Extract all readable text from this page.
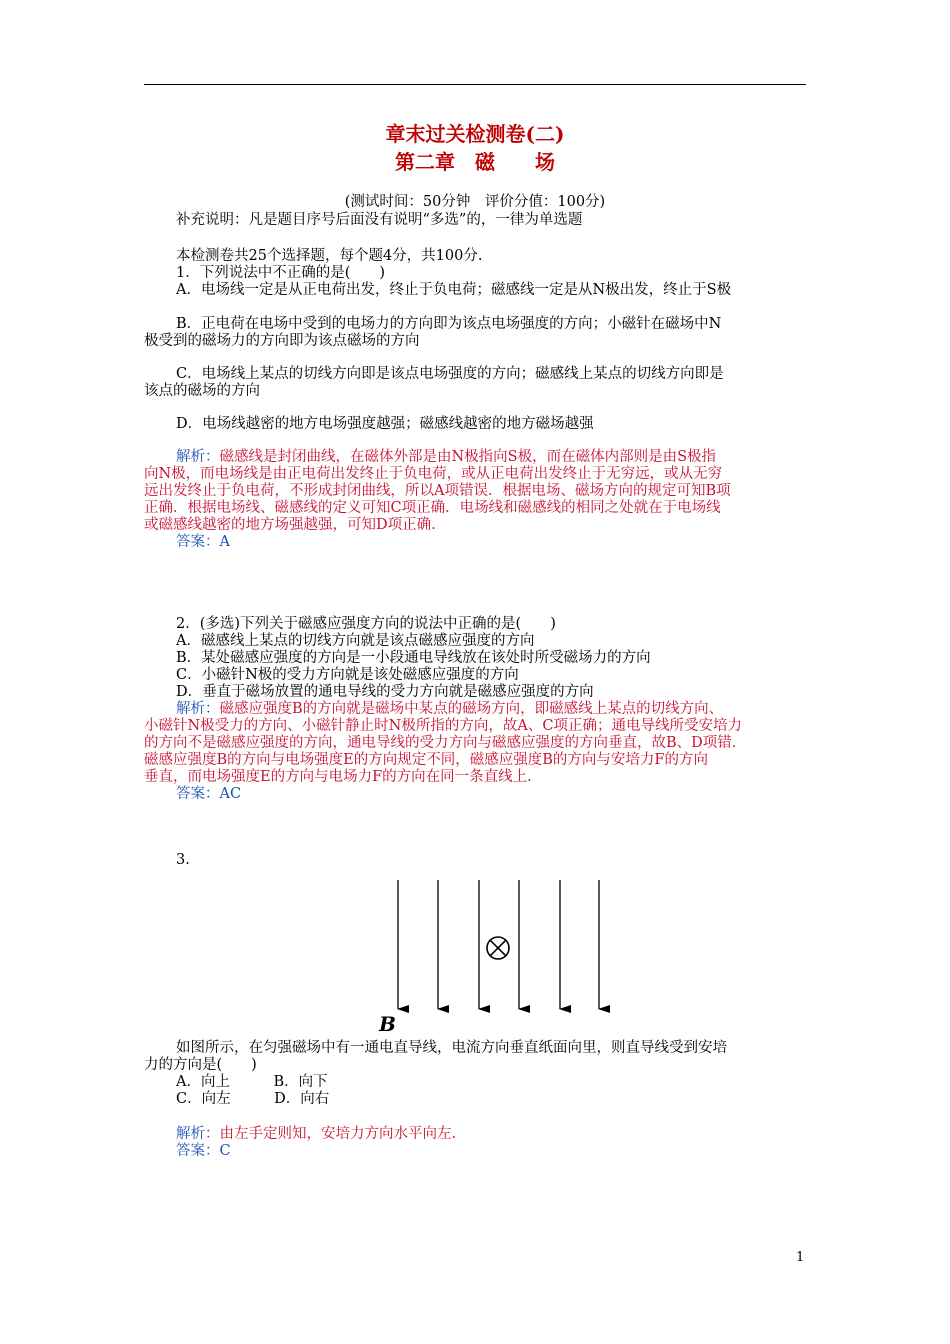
章末过关检测卷(二)
第二章　磁　　场
(测试时间：50分钟　评价分值：100分)
补充说明：凡是题目序号后面没有说明“多选”的，一律为单选题
本检测卷共25个选择题，每个题4分，共100分.
1．下列说法中不正确的是(　　)
A．电场线一定是从正电荷出发，终止于负电荷；磁感线一定是从N极出发，终止于S极
B．正电荷在电场中受到的电场力的方向即为该点电场强度的方向；小磁针在磁场中N
极受到的磁场力的方向即为该点磁场的方向
C．电场线上某点的切线方向即是该点电场强度的方向；磁感线上某点的切线方向即是
该点的磁场的方向
D．电场线越密的地方电场强度越强；磁感线越密的地方磁场越强
解析：磁感线是封闭曲线，在磁体外部是由N极指向S极，而在磁体内部则是由S极指
向N极，而电场线是由正电荷出发终止于负电荷，或从正电荷出发终止于无穷远，或从无穷
远出发终止于负电荷，不形成封闭曲线，所以A项错误．根据电场、磁场方向的规定可知B项
正确．根据电场线、磁感线的定义可知C项正确．电场线和磁感线的相同之处就在于电场线
或磁感线越密的地方场强越强，可知D项正确.
答案：A
2．(多选)下列关于磁感应强度方向的说法中正确的是(　　)
A．磁感线上某点的切线方向就是该点磁感应强度的方向
B．某处磁感应强度的方向是一小段通电导线放在该处时所受磁场力的方向
C．小磁针N极的受力方向就是该处磁感应强度的方向
D．垂直于磁场放置的通电导线的受力方向就是磁感应强度的方向
解析：磁感应强度B的方向就是磁场中某点的磁场方向，即磁感线上某点的切线方向、
小磁针N极受力的方向、小磁针静止时N极所指的方向，故A、C项正确；通电导线所受安培力
的方向不是磁感应强度的方向，通电导线的受力方向与磁感应强度的方向垂直，故B、D项错.
磁感应强度B的方向与电场强度E的方向规定不同，磁感应强度B的方向与安培力F的方向
垂直，而电场强度E的方向与电场力F的方向在同一条直线上.
答案：AC
3.
B
如图所示，在匀强磁场中有一通电直导线，电流方向垂直纸面向里，则直导线受到安培
力的方向是(　　)
A．向上　　　B．向下
C．向左　　　D．向右
解析：由左手定则知，安培力方向水平向左.
答案：C
1
